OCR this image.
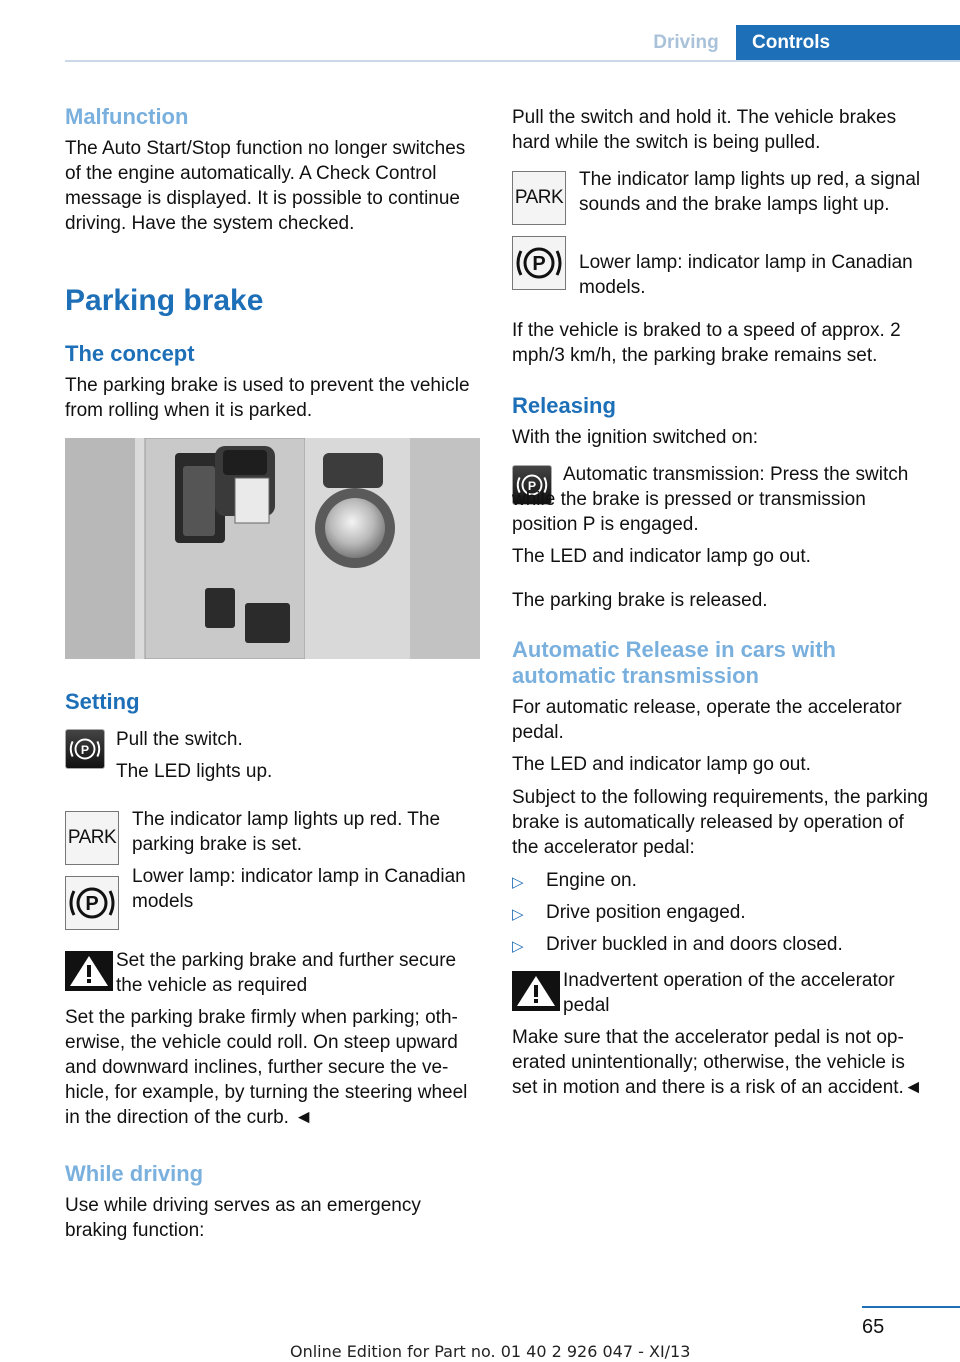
Driving	Controls
Malfunction

The Auto Start/Stop function no longer switches of the engine automatically. A Check Control message is displayed. It is possible to continue driving. Have the system checked.

Parking brake
The concept

The parking brake is used to prevent the vehicle from rolling when it is parked.

Setting
P Pull the switch.

The LED lights up.

PARK

The indicator lamp lights up red. The parking brake is set.

P

Lower lamp: indicator lamp in Canadian models

Set the parking brake and further secure the vehicle as required

Set the parking brake firmly when parking; otherwise, the vehicle could roll. On steep upward and downward inclines, further secure the vehicle, for example, by turning the steering wheel in the direction of the curb. ◄

While driving

Use while driving serves as an emergency braking function:

Pull the switch and hold it. The vehicle brakes hard while the switch is being pulled.

PARK

The indicator lamp lights up red, a signal sounds and the brake lamps light up.

P Lower lamp: indicator lamp in Canadian models.

If the vehicle is braked to a speed of approx. 2 mph/3 km/h, the parking brake remains set.

Releasing

With the ignition switched on:

P

Automatic transmission: Press the switch while the brake is pressed or transmission position P is engaged.

The LED and indicator lamp go out.

The parking brake is released.

Automatic Release in cars with automatic transmission

For automatic release, operate the accelerator pedal.

The LED and indicator lamp go out.

Subject to the following requirements, the parking brake is automatically released by operation of the accelerator pedal:

▷ Engine on.

▷ Drive position engaged.

▷ Driver buckled in and doors closed.

Inadvertent operation of the accelerator pedal

Make sure that the accelerator pedal is not operated unintentionally; otherwise, the vehicle is set in motion and there is a risk of an accident.◄

65
Online Edition for Part no. 01 40 2 926 047 - XI/13
